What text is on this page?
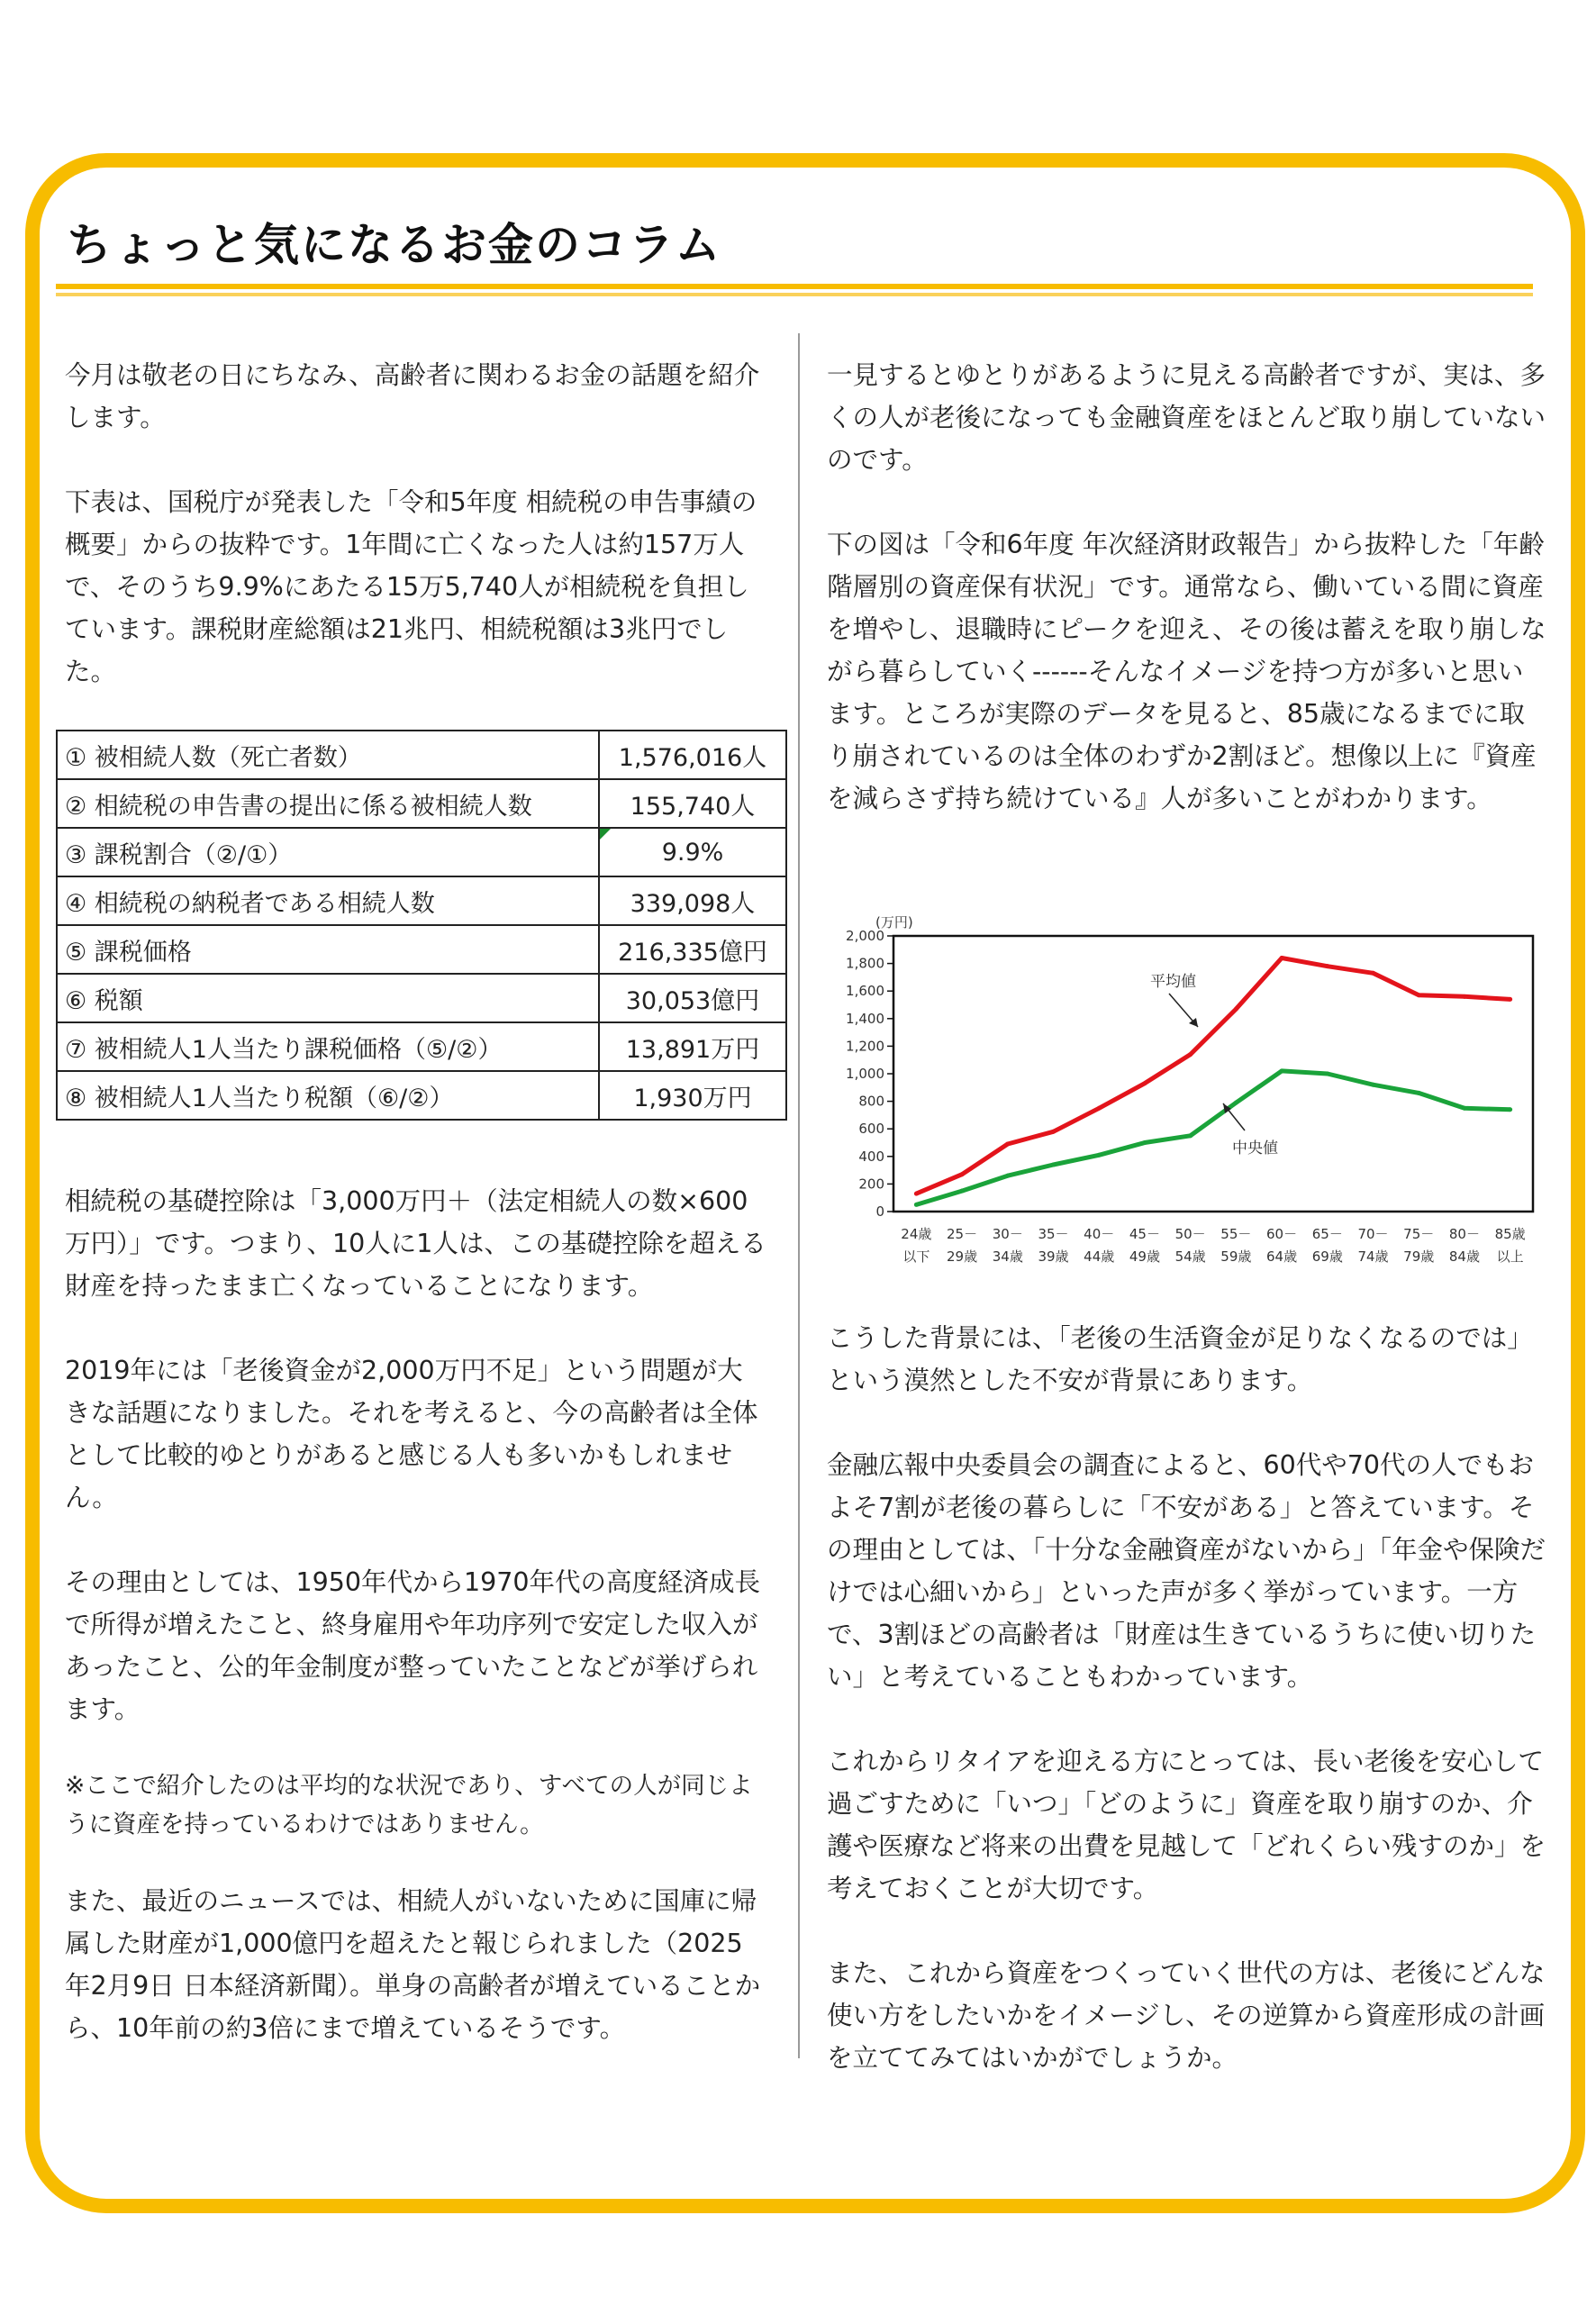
ちょっと気になるお金のコラム

今月は敬老の日にちなみ、高齢者に関わるお金の話題を紹介します。

下表は、国税庁が発表した「令和5年度 相続税の申告事績の概要」からの抜粋です。1年間に亡くなった人は約157万人で、そのうち9.9%にあたる15万5,740人が相続税を負担しています。課税財産総額は21兆円、相続税額は3兆円でした。

① 被相続人数（死亡者数）	1,576,016人
② 相続税の申告書の提出に係る被相続人数	155,740人
③ 課税割合（②/①）	9.9%
④ 相続税の納税者である相続人数	339,098人
⑤ 課税価格	216,335億円
⑥ 税額	30,053億円
⑦ 被相続人1人当たり課税価格（⑤/②）	13,891万円
⑧ 被相続人1人当たり税額（⑥/②）	1,930万円

相続税の基礎控除は「3,000万円＋（法定相続人の数×600万円）」です。つまり、10人に1人は、この基礎控除を超える財産を持ったまま亡くなっていることになります。

2019年には「老後資金が2,000万円不足」という問題が大きな話題になりました。それを考えると、今の高齢者は全体として比較的ゆとりがあると感じる人も多いかもしれません。

その理由としては、1950年代から1970年代の高度経済成長で所得が増えたこと、終身雇用や年功序列で安定した収入があったこと、公的年金制度が整っていたことなどが挙げられます。

※ここで紹介したのは平均的な状況であり、すべての人が同じように資産を持っているわけではありません。

また、最近のニュースでは、相続人がいないために国庫に帰属した財産が1,000億円を超えたと報じられました（2025年2月9日 日本経済新聞）。単身の高齢者が増えていることから、10年前の約3倍にまで増えているそうです。

一見するとゆとりがあるように見える高齢者ですが、実は、多くの人が老後になっても金融資産をほとんど取り崩していないのです。

下の図は「令和6年度 年次経済財政報告」から抜粋した「年齢階層別の資産保有状況」です。通常なら、働いている間に資産を増やし、退職時にピークを迎え、その後は蓄えを取り崩しながら暮らしていく------そんなイメージを持つ方が多いと思います。ところが実際のデータを見ると、85歳になるまでに取り崩されているのは全体のわずか2割ほど。想像以上に『資産を減らさず持ち続けている』人が多いことがわかります。

(万円)
0
200
400
600
800
1,000
1,200
1,400
1,600
1,800
2,000
24歳
以下
25－
29歳
30－
34歳
35－
39歳
40－
44歳
45－
49歳
50－
54歳
55－
59歳
60－
64歳
65－
69歳
70－
74歳
75－
79歳
80－
84歳
85歳
以上
平均値
中央値

こうした背景には、「老後の生活資金が足りなくなるのでは」という漠然とした不安が背景にあります。

金融広報中央委員会の調査によると、60代や70代の人でもおよそ7割が老後の暮らしに「不安がある」と答えています。その理由としては、「十分な金融資産がないから」「年金や保険だけでは心細いから」といった声が多く挙がっています。一方で、3割ほどの高齢者は「財産は生きているうちに使い切りたい」と考えていることもわかっています。

これからリタイアを迎える方にとっては、長い老後を安心して過ごすために「いつ」「どのように」資産を取り崩すのか、介護や医療など将来の出費を見越して「どれくらい残すのか」を考えておくことが大切です。

また、これから資産をつくっていく世代の方は、老後にどんな使い方をしたいかをイメージし、その逆算から資産形成の計画を立ててみてはいかがでしょうか。
